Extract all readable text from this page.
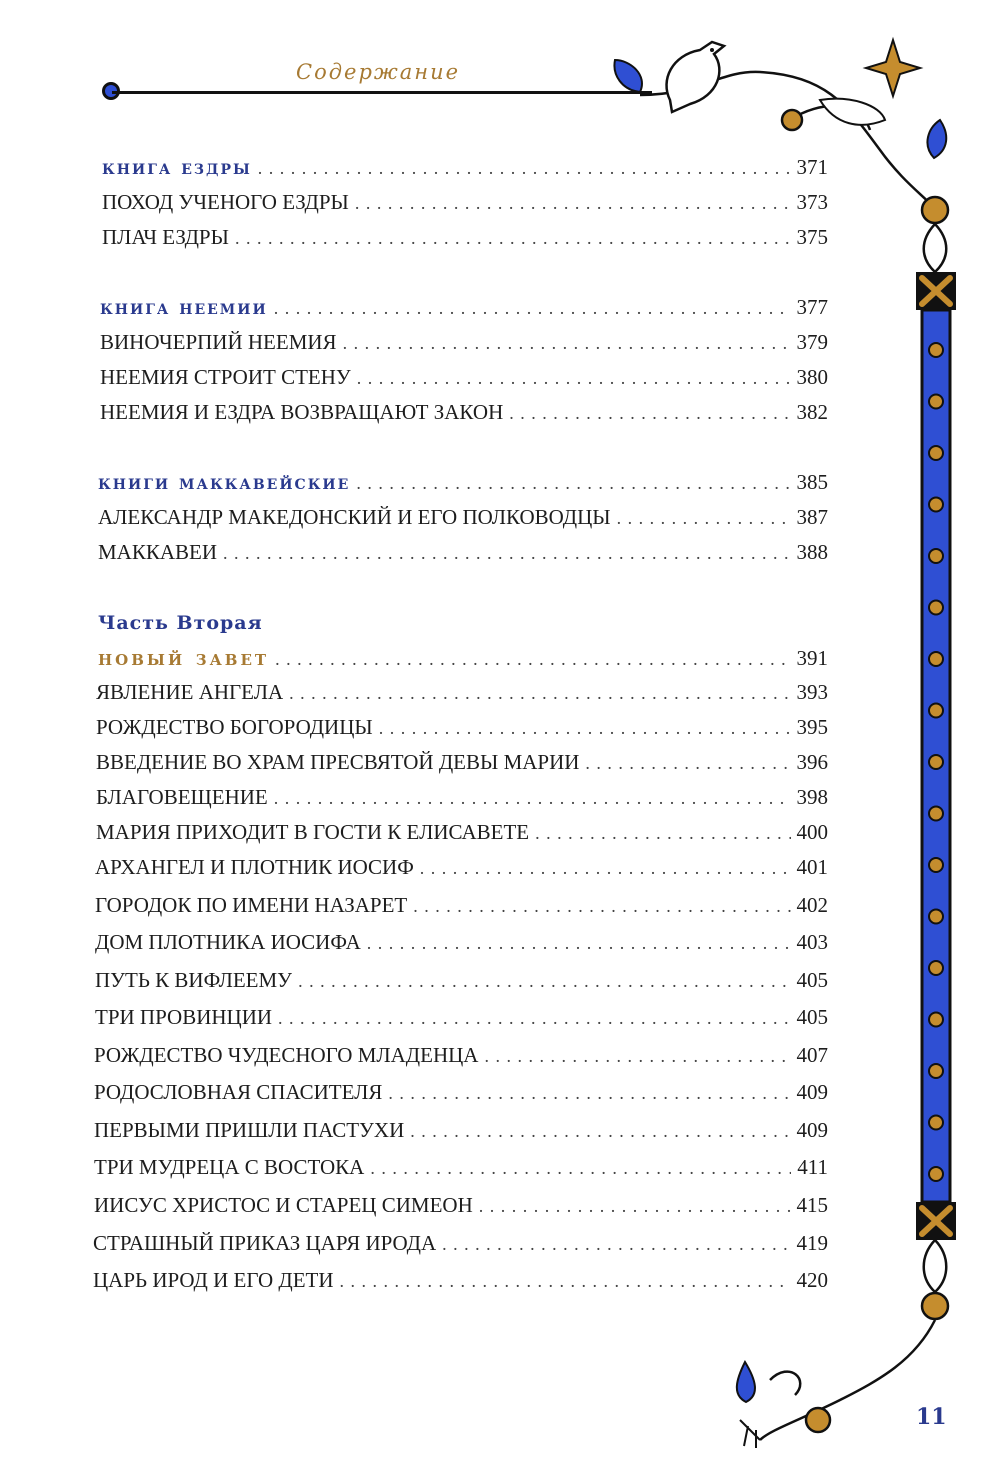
Содержание
Часть Вторая
книга ездры . . .	371
ПОХОД УЧЕНОГО ЕЗДРЫ . . .	373
ПЛАЧ ЕЗДРЫ . . .	375
книга неемии . . .	377
ВИНОЧЕРПИЙ НЕЕМИЯ . . .	379
НЕЕМИЯ СТРОИТ СТЕНУ . . .	380
НЕЕМИЯ И ЕЗДРА ВОЗВРАЩАЮТ ЗАКОН . . .	382
книги маккавейские . . .	385
АЛЕКСАНДР МАКЕДОНСКИЙ И ЕГО ПОЛКОВОДЦЫ . . .	387
МАККАВЕИ . . .	388
новый завет . . .	391
ЯВЛЕНИЕ АНГЕЛА . . .	393
РОЖДЕСТВО БОГОРОДИЦЫ . . .	395
ВВЕДЕНИЕ ВО ХРАМ ПРЕСВЯТОЙ ДЕВЫ МАРИИ . . .	396
БЛАГОВЕЩЕНИЕ . . .	398
МАРИЯ ПРИХОДИТ В ГОСТИ К ЕЛИСАВЕТЕ . . .	400
АРХАНГЕЛ И ПЛОТНИК ИОСИФ . . .	401
ГОРОДОК ПО ИМЕНИ НАЗАРЕТ . . .	402
ДОМ ПЛОТНИКА ИОСИФА . . .	403
ПУТЬ К ВИФЛЕЕМУ . . .	405
ТРИ ПРОВИНЦИИ . . .	405
РОЖДЕСТВО ЧУДЕСНОГО МЛАДЕНЦА . . .	407
РОДОСЛОВНАЯ СПАСИТЕЛЯ . . .	409
ПЕРВЫМИ ПРИШЛИ ПАСТУХИ . . .	409
ТРИ МУДРЕЦА С ВОСТОКА . . .	411
ИИСУС ХРИСТОС И СТАРЕЦ СИМЕОН . . .	415
СТРАШНЫЙ ПРИКАЗ ЦАРЯ ИРОДА . . .	419
ЦАРЬ ИРОД И ЕГО ДЕТИ . . .	420
11
